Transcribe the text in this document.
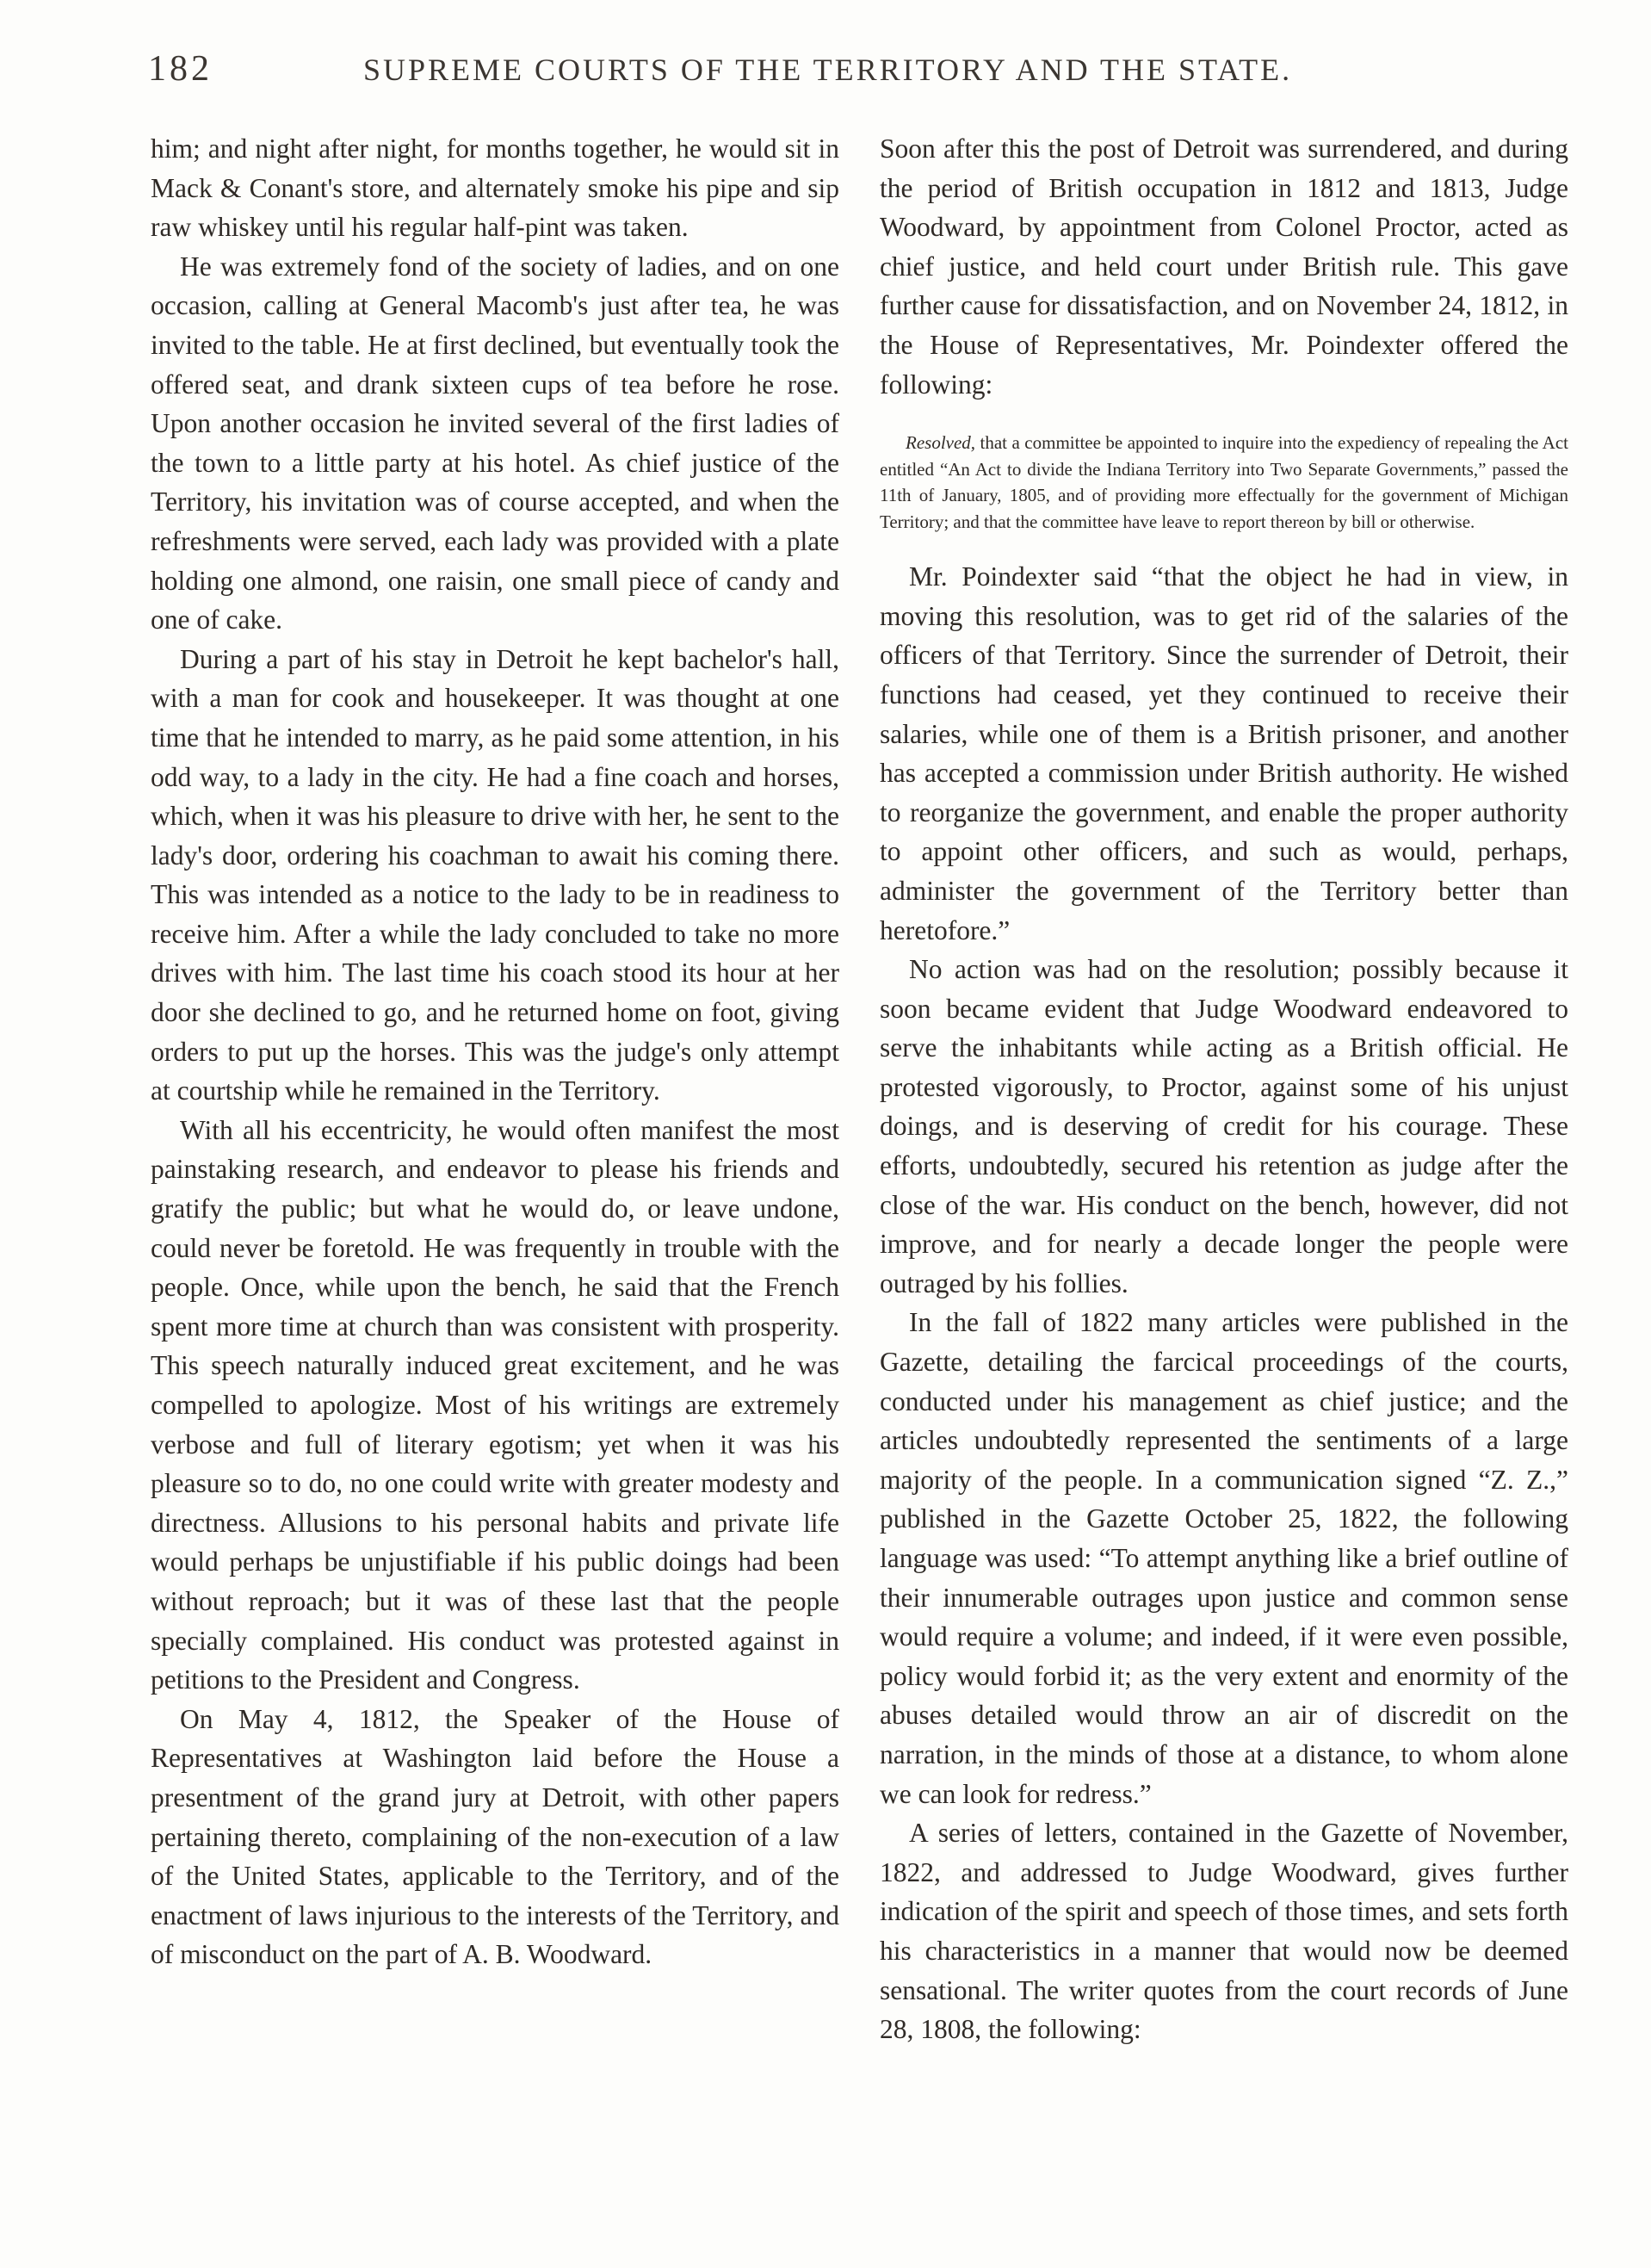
182	SUPREME COURTS OF THE TERRITORY AND THE STATE.

him; and night after night, for months together, he would sit in Mack & Conant's store, and alternately smoke his pipe and sip raw whiskey until his regular half-pint was taken.

He was extremely fond of the society of ladies, and on one occasion, calling at General Macomb's just after tea, he was invited to the table. He at first declined, but eventually took the offered seat, and drank sixteen cups of tea before he rose. Upon another occasion he invited several of the first ladies of the town to a little party at his hotel. As chief justice of the Territory, his invitation was of course accepted, and when the refreshments were served, each lady was provided with a plate holding one almond, one raisin, one small piece of candy and one of cake.

During a part of his stay in Detroit he kept bachelor's hall, with a man for cook and housekeeper. It was thought at one time that he intended to marry, as he paid some attention, in his odd way, to a lady in the city. He had a fine coach and horses, which, when it was his pleasure to drive with her, he sent to the lady's door, ordering his coachman to await his coming there. This was intended as a notice to the lady to be in readiness to receive him. After a while the lady concluded to take no more drives with him. The last time his coach stood its hour at her door she declined to go, and he returned home on foot, giving orders to put up the horses. This was the judge's only attempt at courtship while he remained in the Territory.

With all his eccentricity, he would often manifest the most painstaking research, and endeavor to please his friends and gratify the public; but what he would do, or leave undone, could never be foretold. He was frequently in trouble with the people. Once, while upon the bench, he said that the French spent more time at church than was consistent with prosperity. This speech naturally induced great excitement, and he was compelled to apologize. Most of his writings are extremely verbose and full of literary egotism; yet when it was his pleasure so to do, no one could write with greater modesty and directness. Allusions to his personal habits and private life would perhaps be unjustifiable if his public doings had been without reproach; but it was of these last that the people specially complained. His conduct was protested against in petitions to the President and Congress.

On May 4, 1812, the Speaker of the House of Representatives at Washington laid before the House a presentment of the grand jury at Detroit, with other papers pertaining thereto, complaining of the non-execution of a law of the United States, applicable to the Territory, and of the enactment of laws injurious to the interests of the Territory, and of misconduct on the part of A. B. Woodward.

Soon after this the post of Detroit was surrendered, and during the period of British occupation in 1812 and 1813, Judge Woodward, by appointment from Colonel Proctor, acted as chief justice, and held court under British rule. This gave further cause for dissatisfaction, and on November 24, 1812, in the House of Representatives, Mr. Poindexter offered the following:

Resolved, that a committee be appointed to inquire into the expediency of repealing the Act entitled “An Act to divide the Indiana Territory into Two Separate Governments,” passed the 11th of January, 1805, and of providing more effectually for the government of Michigan Territory; and that the committee have leave to report thereon by bill or otherwise.

Mr. Poindexter said “that the object he had in view, in moving this resolution, was to get rid of the salaries of the officers of that Territory. Since the surrender of Detroit, their functions had ceased, yet they continued to receive their salaries, while one of them is a British prisoner, and another has accepted a commission under British authority. He wished to reorganize the government, and enable the proper authority to appoint other officers, and such as would, perhaps, administer the government of the Territory better than heretofore.”

No action was had on the resolution; possibly because it soon became evident that Judge Woodward endeavored to serve the inhabitants while acting as a British official. He protested vigorously, to Proctor, against some of his unjust doings, and is deserving of credit for his courage. These efforts, undoubtedly, secured his retention as judge after the close of the war. His conduct on the bench, however, did not improve, and for nearly a decade longer the people were outraged by his follies.

In the fall of 1822 many articles were published in the Gazette, detailing the farcical proceedings of the courts, conducted under his management as chief justice; and the articles undoubtedly represented the sentiments of a large majority of the people. In a communication signed “Z. Z.,” published in the Gazette October 25, 1822, the following language was used: “To attempt anything like a brief outline of their innumerable outrages upon justice and common sense would require a volume; and indeed, if it were even possible, policy would forbid it; as the very extent and enormity of the abuses detailed would throw an air of discredit on the narration, in the minds of those at a distance, to whom alone we can look for redress.”

A series of letters, contained in the Gazette of November, 1822, and addressed to Judge Woodward, gives further indication of the spirit and speech of those times, and sets forth his characteristics in a manner that would now be deemed sensational. The writer quotes from the court records of June 28, 1808, the following:
